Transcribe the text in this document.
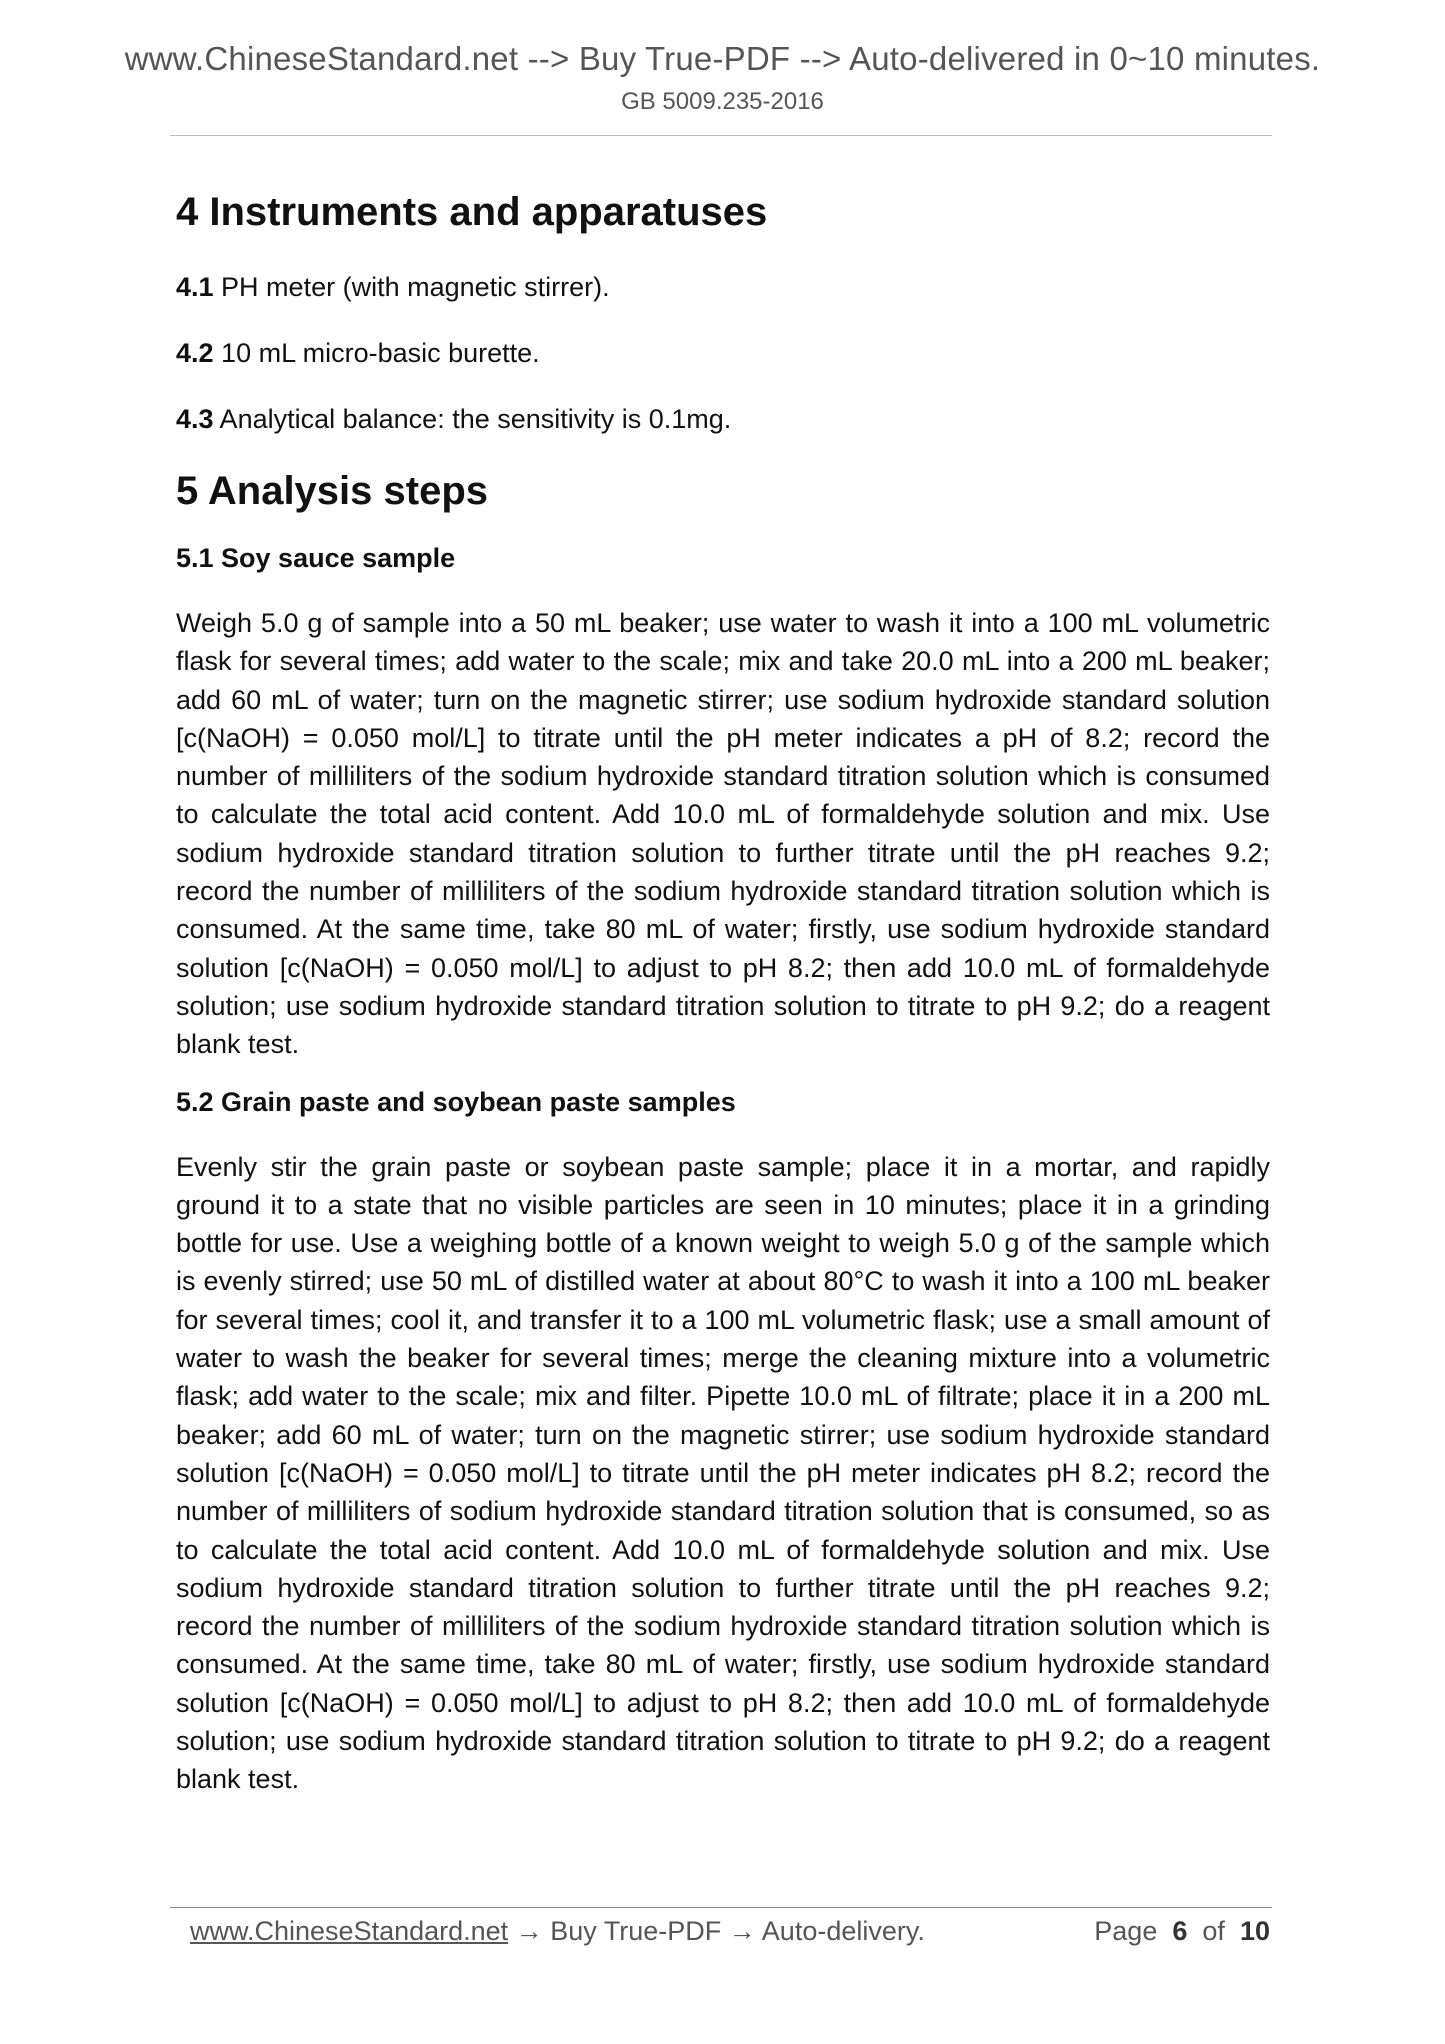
www.ChineseStandard.net --> Buy True-PDF --> Auto-delivered in 0~10 minutes.
GB 5009.235-2016
4 Instruments and apparatuses

4.1 PH meter (with magnetic stirrer).

4.2 10 mL micro-basic burette.

4.3 Analytical balance: the sensitivity is 0.1mg.

5 Analysis steps
5.1 Soy sauce sample

Weigh 5.0 g of sample into a 50 mL beaker; use water to wash it into a 100 mL volumetric flask for several times; add water to the scale; mix and take 20.0 mL into a 200 mL beaker; add 60 mL of water; turn on the magnetic stirrer; use sodium hydroxide standard solution [c(NaOH) = 0.050 mol/L] to titrate until the pH meter indicates a pH of 8.2; record the number of milliliters of the sodium hydroxide standard titration solution which is consumed to calculate the total acid content. Add 10.0 mL of formaldehyde solution and mix. Use sodium hydroxide standard titration solution to further titrate until the pH reaches 9.2; record the number of milliliters of the sodium hydroxide standard titration solution which is consumed. At the same time, take 80 mL of water; firstly, use sodium hydroxide standard solution [c(NaOH) = 0.050 mol/L] to adjust to pH 8.2; then add 10.0 mL of formaldehyde solution; use sodium hydroxide standard titration solution to titrate to pH 9.2; do a reagent blank test.

5.2 Grain paste and soybean paste samples

Evenly stir the grain paste or soybean paste sample; place it in a mortar, and rapidly ground it to a state that no visible particles are seen in 10 minutes; place it in a grinding bottle for use. Use a weighing bottle of a known weight to weigh 5.0 g of the sample which is evenly stirred; use 50 mL of distilled water at about 80°C to wash it into a 100 mL beaker for several times; cool it, and transfer it to a 100 mL volumetric flask; use a small amount of water to wash the beaker for several times; merge the cleaning mixture into a volumetric flask; add water to the scale; mix and filter. Pipette 10.0 mL of filtrate; place it in a 200 mL beaker; add 60 mL of water; turn on the magnetic stirrer; use sodium hydroxide standard solution [c(NaOH) = 0.050 mol/L] to titrate until the pH meter indicates pH 8.2; record the number of milliliters of sodium hydroxide standard titration solution that is consumed, so as to calculate the total acid content. Add 10.0 mL of formaldehyde solution and mix. Use sodium hydroxide standard titration solution to further titrate until the pH reaches 9.2; record the number of milliliters of the sodium hydroxide standard titration solution which is consumed. At the same time, take 80 mL of water; firstly, use sodium hydroxide standard solution [c(NaOH) = 0.050 mol/L] to adjust to pH 8.2; then add 10.0 mL of formaldehyde solution; use sodium hydroxide standard titration solution to titrate to pH 9.2; do a reagent blank test.

www.ChineseStandard.net → Buy True-PDF → Auto-delivery.	Page 6 of 10
